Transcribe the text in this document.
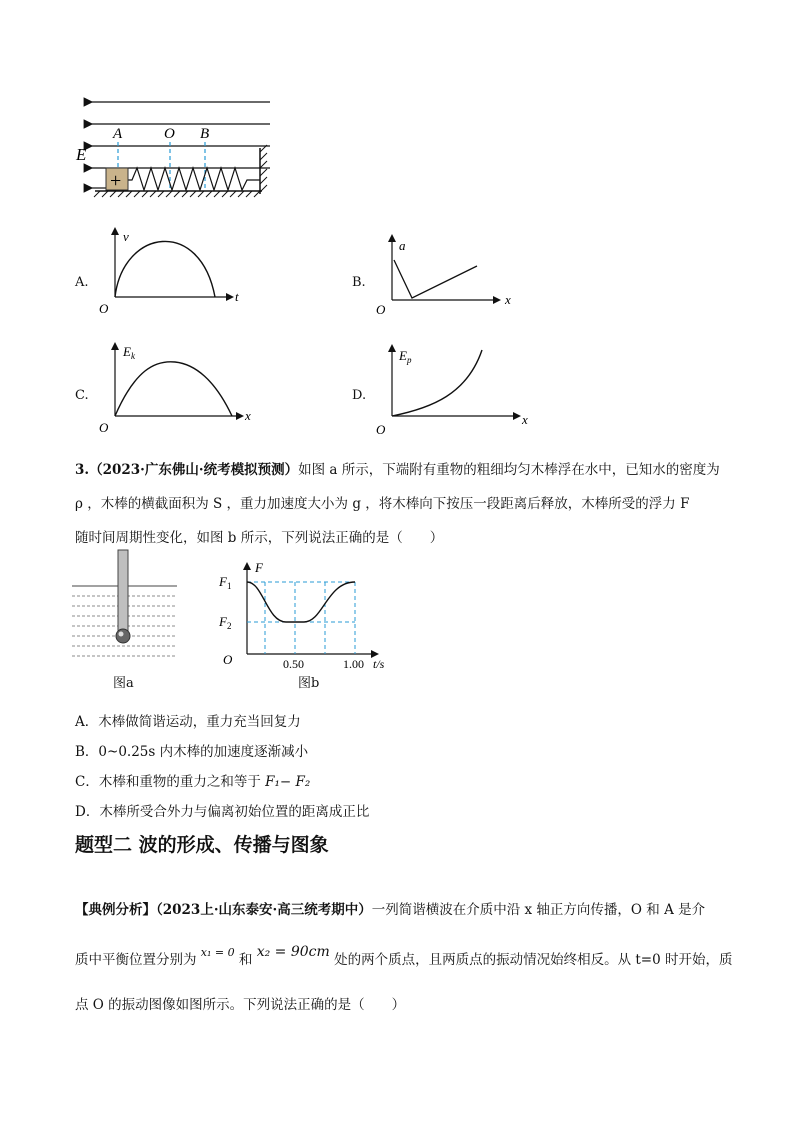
E
A	O B
+
A.
v
t
O
B.
a
x
O
C.
$E_k$
x
O
D.
$E_p$
x
O
3.（2023·广东佛山·统考模拟预测）如图 a 所示，下端附有重物的粗细均匀木棒浮在水中，已知水的密度为
ρ ，木棒的横截面积为 S ，重力加速度大小为 g ，将木棒向下按压一段距离后释放，木棒所受的浮力 F
随时间周期性变化，如图 b 所示，下列说法正确的是（　　）
图a
F
$F_1$
$F_2$
O	0.50	1.00 t/s
图b
A．木棒做简谐运动，重力充当回复力
B．0~0.25s 内木棒的加速度逐渐减小
C．木棒和重物的重力之和等于 F₁− F₂
D．木棒所受合外力与偏离初始位置的距离成正比
题型二 波的形成、传播与图象
【典例分析】（2023上·山东泰安·高三统考期中）一列简谐横波在介质中沿 x 轴正方向传播，O 和 A 是介
质中平衡位置分别为 $^{x_1 = 0}$ 和 x₂ = 90cm 处的两个质点，且两质点的振动情况始终相反。从 t=0 时开始，质
点 O 的振动图像如图所示。下列说法正确的是（　　）
